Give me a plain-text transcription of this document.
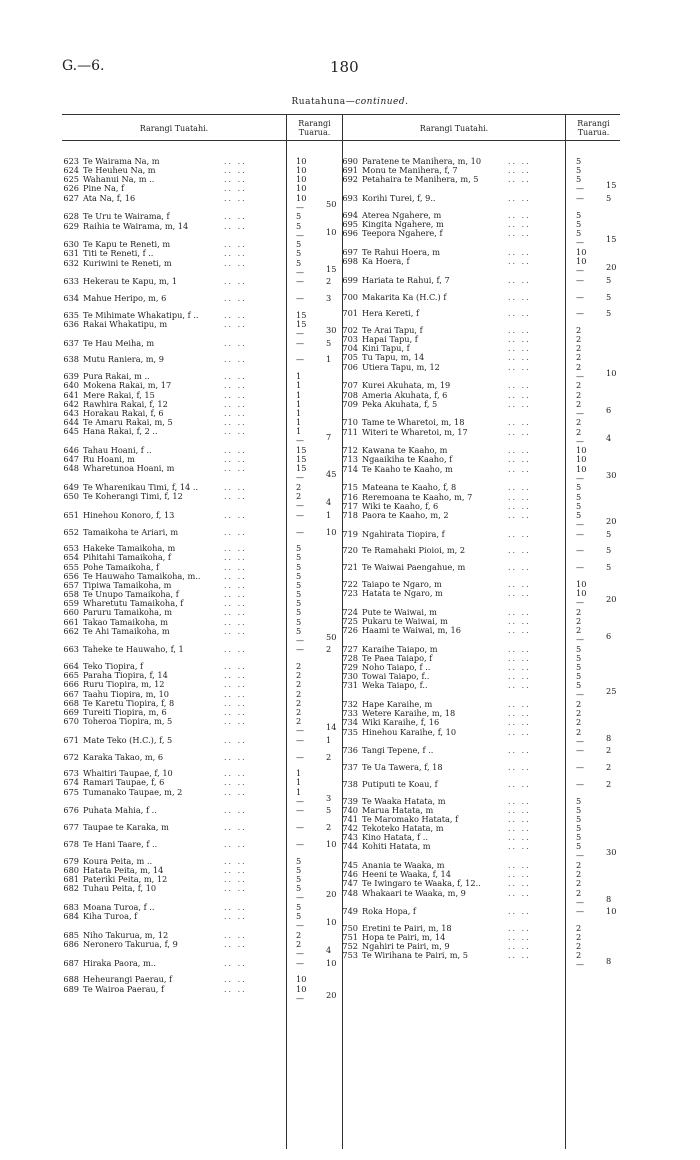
G.—6.	180
Ruatahuna—continued.
Rarangi Tuatahi.
Rarangi
Tuarua.	Rarangi Tuatahi.
Rarangi
Tuarua.
623 Te Wairama Na, m	.. ..	10
624 Te Heuheu Na, m	.. ..	10
625 Wahanui Na, m ..	.. ..	10
626 Pine Na, f	.. ..	10
627 Ata Na, f, 16	.. ..	10
—	50
628 Te Uru te Wairama, f	.. ..	5
629 Raihia te Wairama, m, 14	.. ..	5
—	10
630 Te Kapu te Reneti, m	.. ..	5
631 Titi te Reneti, f ..	.. ..	5
632 Kuriwini te Reneti, m	.. ..	5
—	15
633 Hekerau te Kapu, m, 1	.. ..	—	2
634 Mahue Heripo, m, 6	.. ..	—	3
635 Te Mihimate Whakatipu, f ..	.. ..	15
636 Rakai Whakatipu, m	.. ..	15
—	30
637 Te Hau Meiha, m	.. ..	—	5
638 Mutu Raniera, m, 9	.. ..	—	1
639 Pura Rakai, m ..	.. ..	1
640 Mokena Rakai, m, 17	.. ..	1
641 Mere Rakai, f, 15	.. ..	1
642 Rawhira Rakai, f, 12	.. ..	1
643 Horakau Rakai, f, 6	.. ..	1
644 Te Amaru Rakai, m, 5	.. ..	1
645 Hana Rakai, f, 2 ..	.. ..	1
—	7
646 Tahau Hoani, f ..	.. ..	15
647 Ru Hoani, m	.. ..	15
648 Wharetunoa Hoani, m	.. ..	15
—	45
649 Te Wharenikau Timi, f, 14 ..	.. ..	2
650 Te Koherangi Timi, f, 12	.. ..	2
—	4
651 Hinehou Konoro, f, 13	.. ..	—	1
652 Tamaikoha te Ariari, m	.. ..	—	10
653 Hakeke Tamaikoha, m	.. ..	5
654 Pihitahi Tamaikoha, f	.. ..	5
655 Pohe Tamaikoha, f	.. ..	5
656 Te Hauwaho Tamaikoha, m..	.. ..	5
657 Tipiwa Tamaikoha, m	.. ..	5
658 Te Unupo Tamaikoha, f	.. ..	5
659 Wharetutu Tamaikoha, f	.. ..	5
660 Paruru Tamaikoha, m	.. ..	5
661 Takao Tamaikoha, m	.. ..	5
662 Te Ahi Tamaikoha, m	.. ..	5
—	50
663 Taheke te Hauwaho, f, 1	.. ..	—	2
664 Teko Tiopira, f	.. ..	2
665 Paraha Tiopira, f, 14	.. ..	2
666 Ruru Tiopira, m, 12	.. ..	2
667 Taahu Tiopira, m, 10	.. ..	2
668 Te Karetu Tiopira, f, 8	.. ..	2
669 Tureiti Tiopira, m, 6	.. ..	2
670 Toheroa Tiopira, m, 5	.. ..	2
—	14
671 Mate Teko (H.C.), f, 5	.. ..	—	1
672 Karaka Takao, m, 6	.. ..	—	2
673 Whaitiri Taupae, f, 10	.. ..	1
674 Ramari Taupae, f, 6	.. ..	1
675 Tumanako Taupae, m, 2	.. ..	1
—	3
676 Puhata Mahia, f ..	.. ..	—	5
677 Taupae te Karaka, m	.. ..	—	2
678 Te Hani Taare, f ..	.. ..	—	10
679 Koura Peita, m ..	.. ..	5
680 Hatata Peita, m, 14	.. ..	5
681 Pateriki Peita, m, 12	.. ..	5
682 Tuhau Peita, f, 10	.. ..	5
—	20
683 Moana Turoa, f ..	.. ..	5
684 Kiha Turoa, f	.. ..	5
—	10
685 Niho Takurua, m, 12	.. ..	2
686 Neronero Takurua, f, 9	.. ..	2
—	4
687 Hiraka Paora, m..	.. ..	—	10
688 Heheurangi Paerau, f	.. ..	10
689 Te Wairoa Paerau, f	.. ..	10
—	20
690 Paratene te Manihera, m, 10	.. ..	5
691 Monu te Manihera, f, 7	.. ..	5
692 Petahaira te Manihera, m, 5	.. ..	5
—	15
693 Korihi Turei, f, 9..	.. ..	—	5
694 Aterea Ngahere, m	.. ..	5
695 Kingita Ngahere, m	.. ..	5
696 Teepora Ngahere, f	.. ..	5
—	15
697 Te Rahui Hoera, m	.. ..	10
698 Ka Hoera, f	.. ..	10
—	20
699 Hariata te Rahui, f, 7	.. ..	—	5
700 Makarita Ka (H.C.) f	.. ..	—	5
701 Hera Kereti, f	.. ..	—	5
702 Te Arai Tapu, f	.. ..	2
703 Hapai Tapu, f	.. ..	2
704 Kini Tapu, f	.. ..	2
705 Tu Tapu, m, 14	.. ..	2
706 Utiera Tapu, m, 12	.. ..	2
—	10
707 Kurei Akuhata, m, 19	.. ..	2
708 Ameria Akuhata, f, 6	.. ..	2
709 Peka Akuhata, f, 5	.. ..	2
—	6
710 Tame te Wharetoi, m, 18	.. ..	2
711 Witeri te Wharetoi, m, 17	.. ..	2
—	4
712 Kawana te Kaaho, m	.. ..	10
713 Ngaaikiha te Kaaho, f	.. ..	10
714 Te Kaaho te Kaaho, m	.. ..	10
—	30
715 Mateana te Kaaho, f, 8	.. ..	5
716 Reremoana te Kaaho, m, 7	.. ..	5
717 Wiki te Kaaho, f, 6	.. ..	5
718 Paora te Kaaho, m, 2	.. ..	5
—	20
719 Ngahirata Tiopira, f	.. ..	—	5
720 Te Ramahaki Pioioi, m, 2	.. ..	—	5
721 Te Waiwai Paengahue, m	.. ..	—	5
722 Taiapo te Ngaro, m	.. ..	10
723 Hatata te Ngaro, m	.. ..	10
—	20
724 Pute te Waiwai, m	.. ..	2
725 Pukaru te Waiwai, m	.. ..	2
726 Haami te Waiwai, m, 16	.. ..	2
—	6
727 Karaihe Taiapo, m	.. ..	5
728 Te Paea Taiapo, f	.. ..	5
729 Noho Taiapo, f ..	.. ..	5
730 Towai Taiapo, f..	.. ..	5
731 Weka Taiapo, f..	.. ..	5
—	25
732 Hape Karaihe, m	.. ..	2
733 Wetere Karaihe, m, 18	.. ..	2
734 Wiki Karaihe, f, 16	.. ..	2
735 Hinehou Karaihe, f, 10	.. ..	2
—	8
736 Tangi Tepene, f ..	.. ..	—	2
737 Te Ua Tawera, f, 18	.. ..	—	2
738 Putiputi te Koau, f	.. ..	—	2
739 Te Waaka Hatata, m	.. ..	5
740 Marua Hatata, m	.. ..	5
741 Te Maromako Hatata, f	.. ..	5
742 Tekoteko Hatata, m	.. ..	5
743 Kino Hatata, f ..	.. ..	5
744 Kohiti Hatata, m	.. ..	5
—	30
745 Anania te Waaka, m	.. ..	2
746 Heeni te Waaka, f, 14	.. ..	2
747 Te Iwingaro te Waaka, f, 12..	.. ..	2
748 Whakaari te Waaka, m, 9	.. ..	2
—	8
749 Roka Hopa, f	.. ..	—	10
750 Eretini te Pairi, m, 18	.. ..	2
751 Hopa te Pairi, m, 14	.. ..	2
752 Ngahiri te Pairi, m, 9	.. ..	2
753 Te Wirihana te Pairi, m, 5	.. ..	2
—	8
